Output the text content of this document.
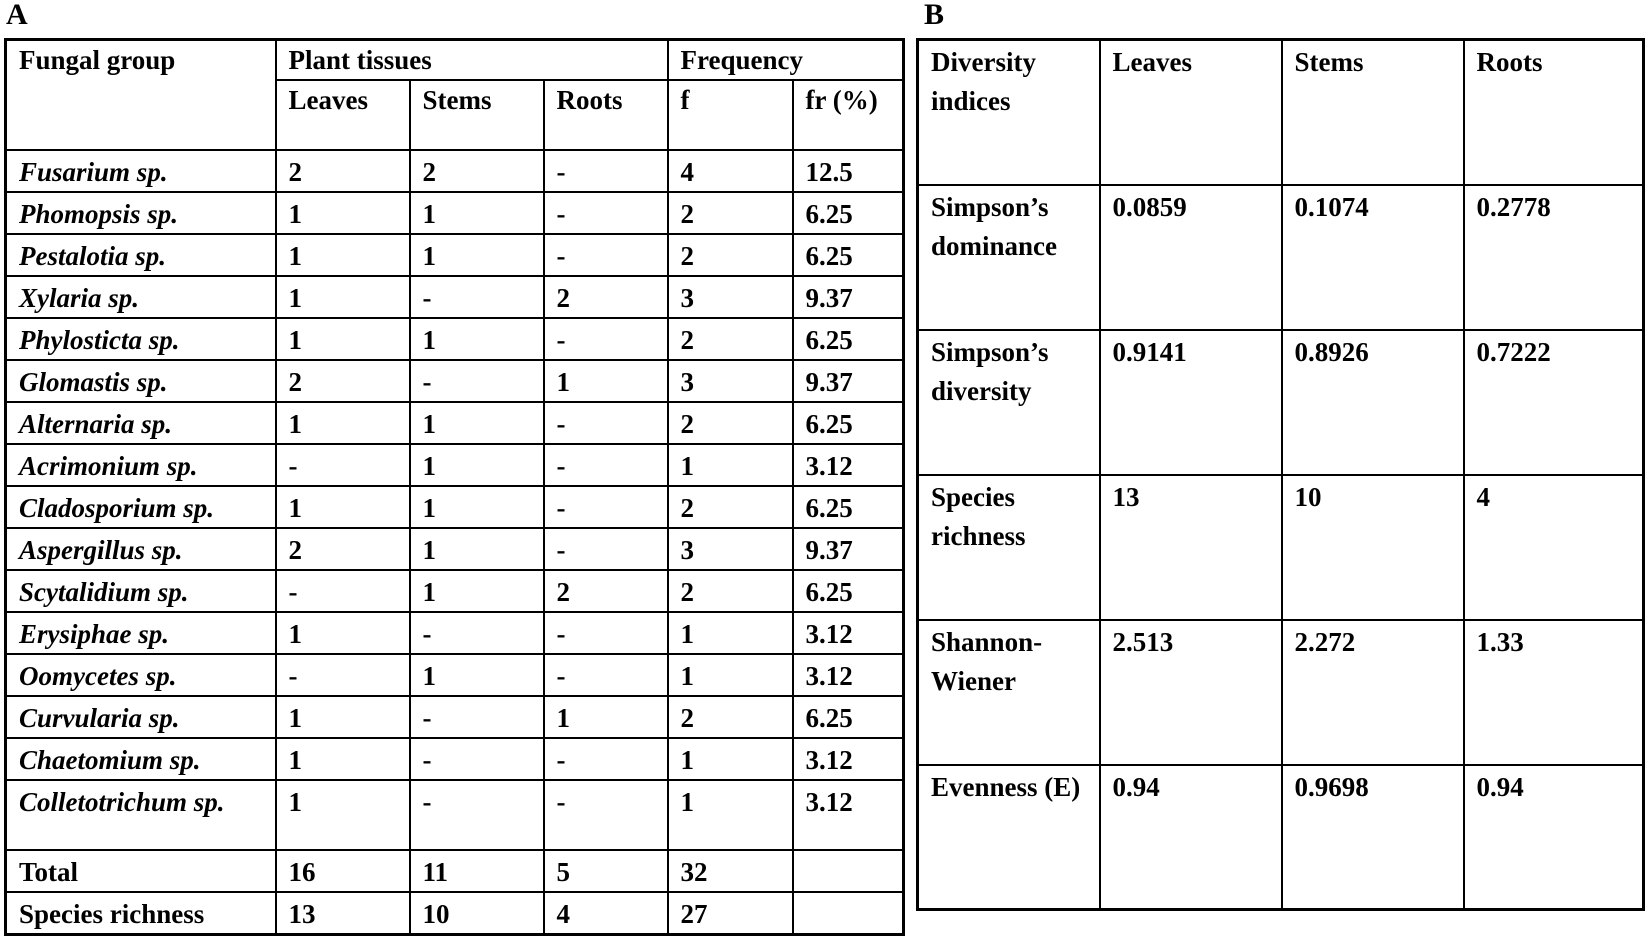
A	B
Fungal group	Plant tissues			Frequency	
	Leaves	Stems	Roots	f	fr (%)
Fusarium sp.	2	2	-	4	12.5
Phomopsis sp.	1	1	-	2	6.25
Pestalotia sp.	1	1	-	2	6.25
Xylaria sp.	1	-	2	3	9.37
Phylosticta sp.	1	1	-	2	6.25
Glomastis sp.	2	-	1	3	9.37
Alternaria sp.	1	1	-	2	6.25
Acrimonium sp.	-	1	-	1	3.12
Cladosporium sp.	1	1	-	2	6.25
Aspergillus sp.	2	1	-	3	9.37
Scytalidium sp.	-	1	2	2	6.25
Erysiphae sp.	1	-	-	1	3.12
Oomycetes sp.	-	1	-	1	3.12
Curvularia sp.	1	-	1	2	6.25
Chaetomium sp.	1	-	-	1	3.12
Colletotrichum sp.	1	-	-	1	3.12
Total	16	11	5	32	
Species richness	13	10	4	27	
Diversity indices	Leaves	Stems	Roots
Simpson’s dominance	0.0859	0.1074	0.2778
Simpson’s diversity	0.9141	0.8926	0.7222
Species richness	13	10	4
Shannon-Wiener	2.513	2.272	1.33
Evenness (E)	0.94	0.9698	0.94
